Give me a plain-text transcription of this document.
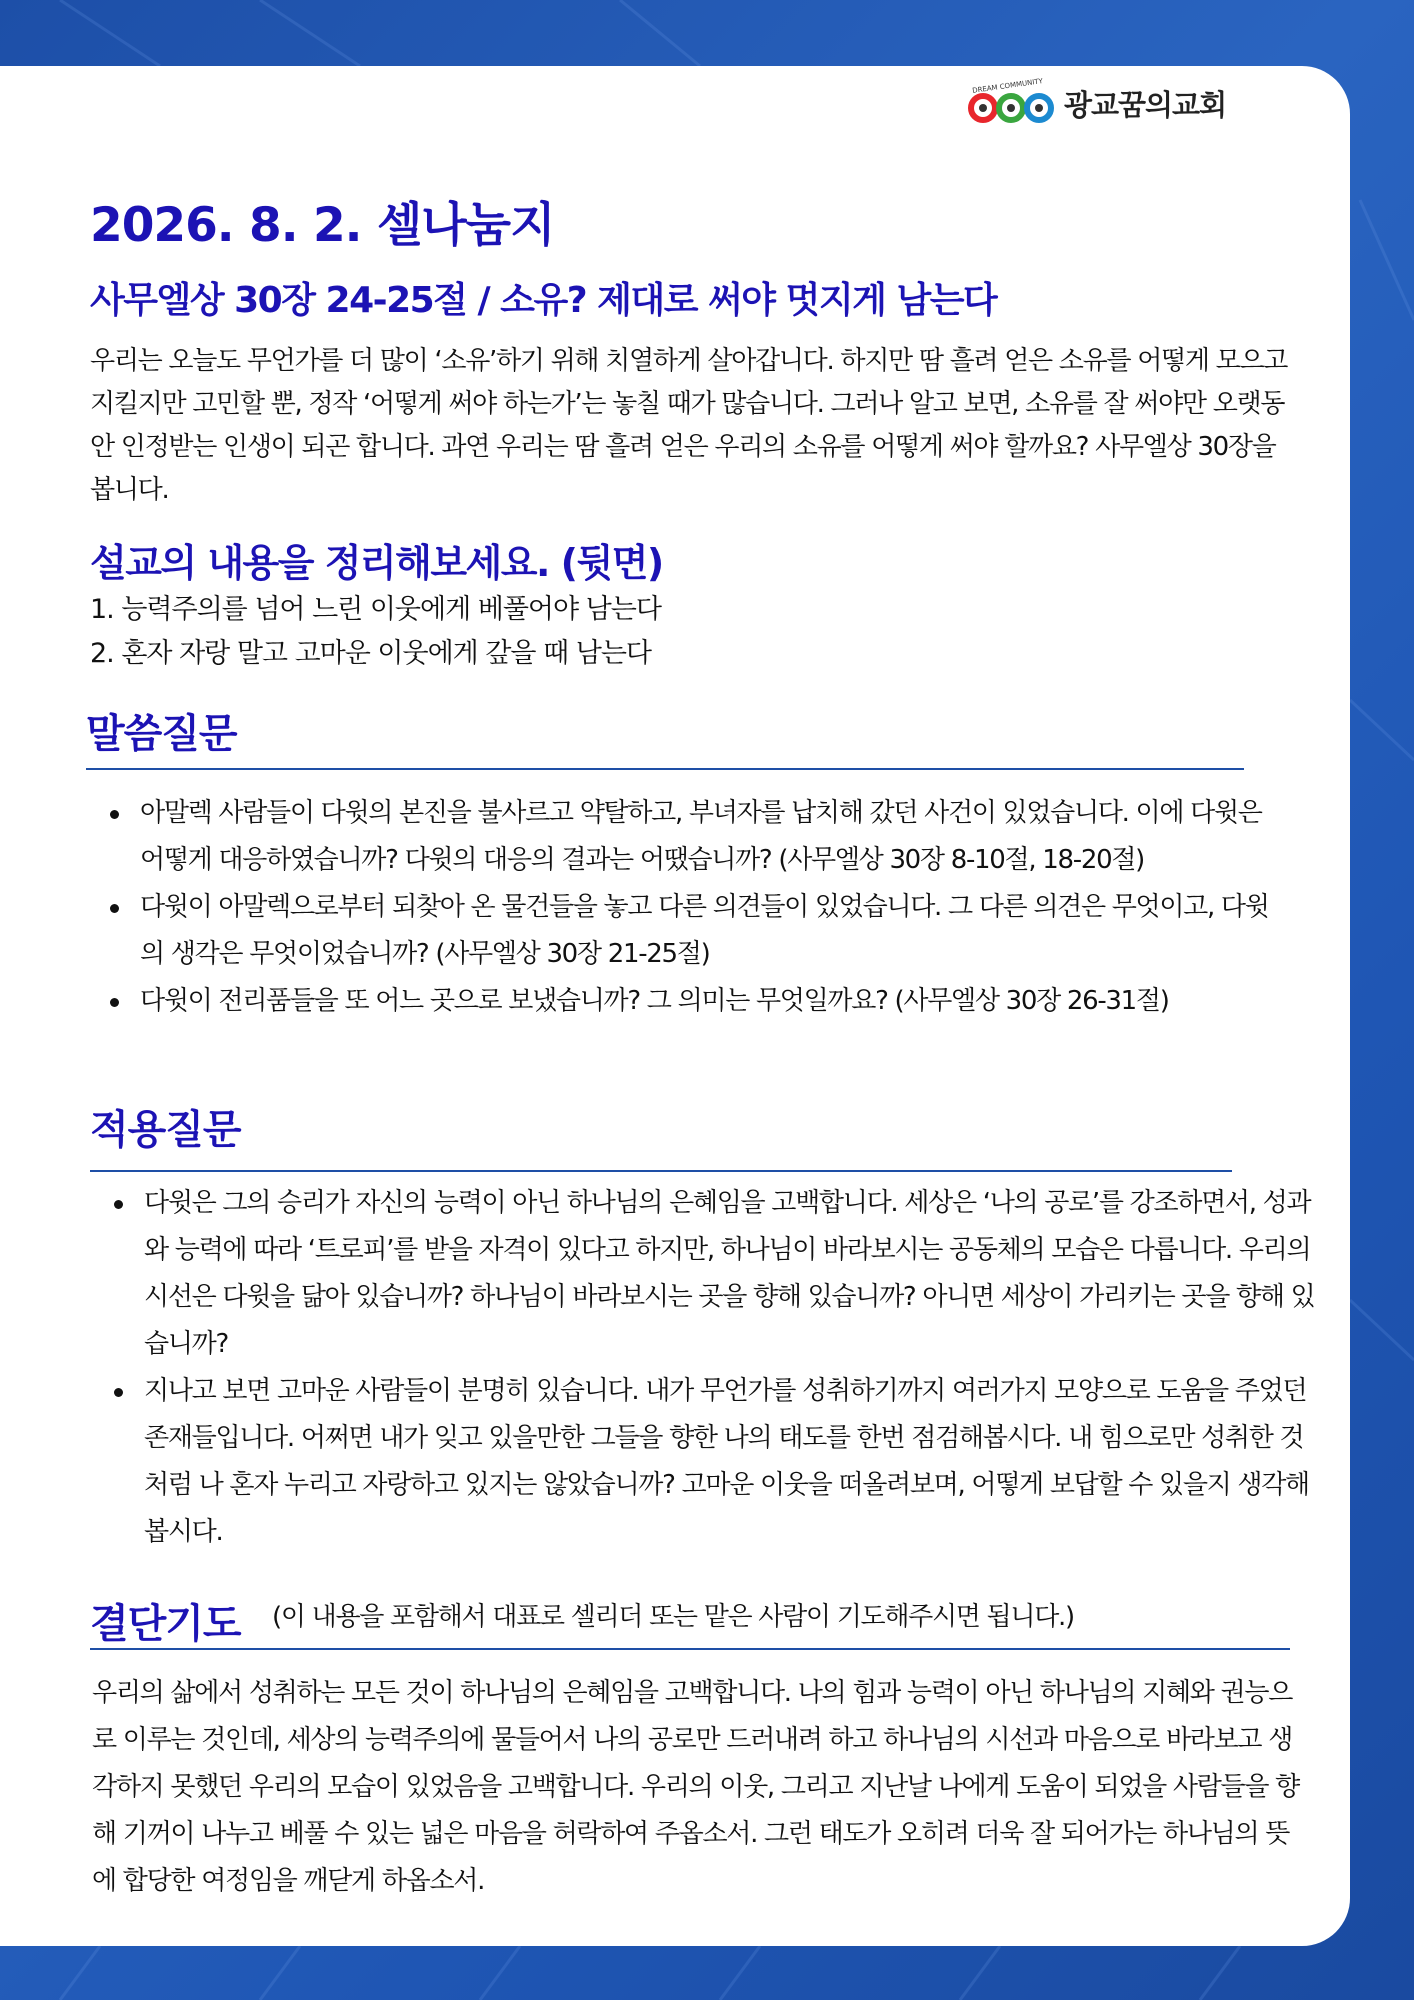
DREAM COMMUNITY
광교꿈의교회
2026. 8. 2. 셀나눔지
사무엘상 30장 24-25절 / 소유? 제대로 써야 멋지게 남는다

우리는 오늘도 무언가를 더 많이 ‘소유’하기 위해 치열하게 살아갑니다. 하지만 땀 흘려 얻은 소유를 어떻게 모으고 지킬지만 고민할 뿐, 정작 ‘어떻게 써야 하는가’는 놓칠 때가 많습니다. 그러나 알고 보면, 소유를 잘 써야만 오랫동안 인정받는 인생이 되곤 합니다. 과연 우리는 땀 흘려 얻은 우리의 소유를 어떻게 써야 할까요? 사무엘상 30장을 봅니다.

설교의 내용을 정리해보세요. (뒷면)
1. 능력주의를 넘어 느린 이웃에게 베풀어야 남는다
2. 혼자 자랑 말고 고마운 이웃에게 갚을 때 남는다
말씀질문
아말렉 사람들이 다윗의 본진을 불사르고 약탈하고, 부녀자를 납치해 갔던 사건이 있었습니다. 이에 다윗은 어떻게 대응하였습니까? 다윗의 대응의 결과는 어땠습니까? (사무엘상 30장 8-10절, 18-20절)
다윗이 아말렉으로부터 되찾아 온 물건들을 놓고 다른 의견들이 있었습니다. 그 다른 의견은 무엇이고, 다윗의 생각은 무엇이었습니까? (사무엘상 30장 21-25절)
다윗이 전리품들을 또 어느 곳으로 보냈습니까? 그 의미는 무엇일까요? (사무엘상 30장 26-31절)
적용질문
다윗은 그의 승리가 자신의 능력이 아닌 하나님의 은혜임을 고백합니다. 세상은 ‘나의 공로’를 강조하면서, 성과와 능력에 따라 ‘트로피’를 받을 자격이 있다고 하지만, 하나님이 바라보시는 공동체의 모습은 다릅니다. 우리의 시선은 다윗을 닮아 있습니까? 하나님이 바라보시는 곳을 향해 있습니까? 아니면 세상이 가리키는 곳을 향해 있습니까?
지나고 보면 고마운 사람들이 분명히 있습니다. 내가 무언가를 성취하기까지 여러가지 모양으로 도움을 주었던 존재들입니다. 어쩌면 내가 잊고 있을만한 그들을 향한 나의 태도를 한번 점검해봅시다. 내 힘으로만 성취한 것처럼 나 혼자 누리고 자랑하고 있지는 않았습니까? 고마운 이웃을 떠올려보며, 어떻게 보답할 수 있을지 생각해봅시다.
결단기도 (이 내용을 포함해서 대표로 셀리더 또는 맡은 사람이 기도해주시면 됩니다.)

우리의 삶에서 성취하는 모든 것이 하나님의 은혜임을 고백합니다. 나의 힘과 능력이 아닌 하나님의 지혜와 권능으로 이루는 것인데, 세상의 능력주의에 물들어서 나의 공로만 드러내려 하고 하나님의 시선과 마음으로 바라보고 생각하지 못했던 우리의 모습이 있었음을 고백합니다. 우리의 이웃, 그리고 지난날 나에게 도움이 되었을 사람들을 향해 기꺼이 나누고 베풀 수 있는 넓은 마음을 허락하여 주옵소서. 그런 태도가 오히려 더욱 잘 되어가는 하나님의 뜻에 합당한 여정임을 깨닫게 하옵소서.
